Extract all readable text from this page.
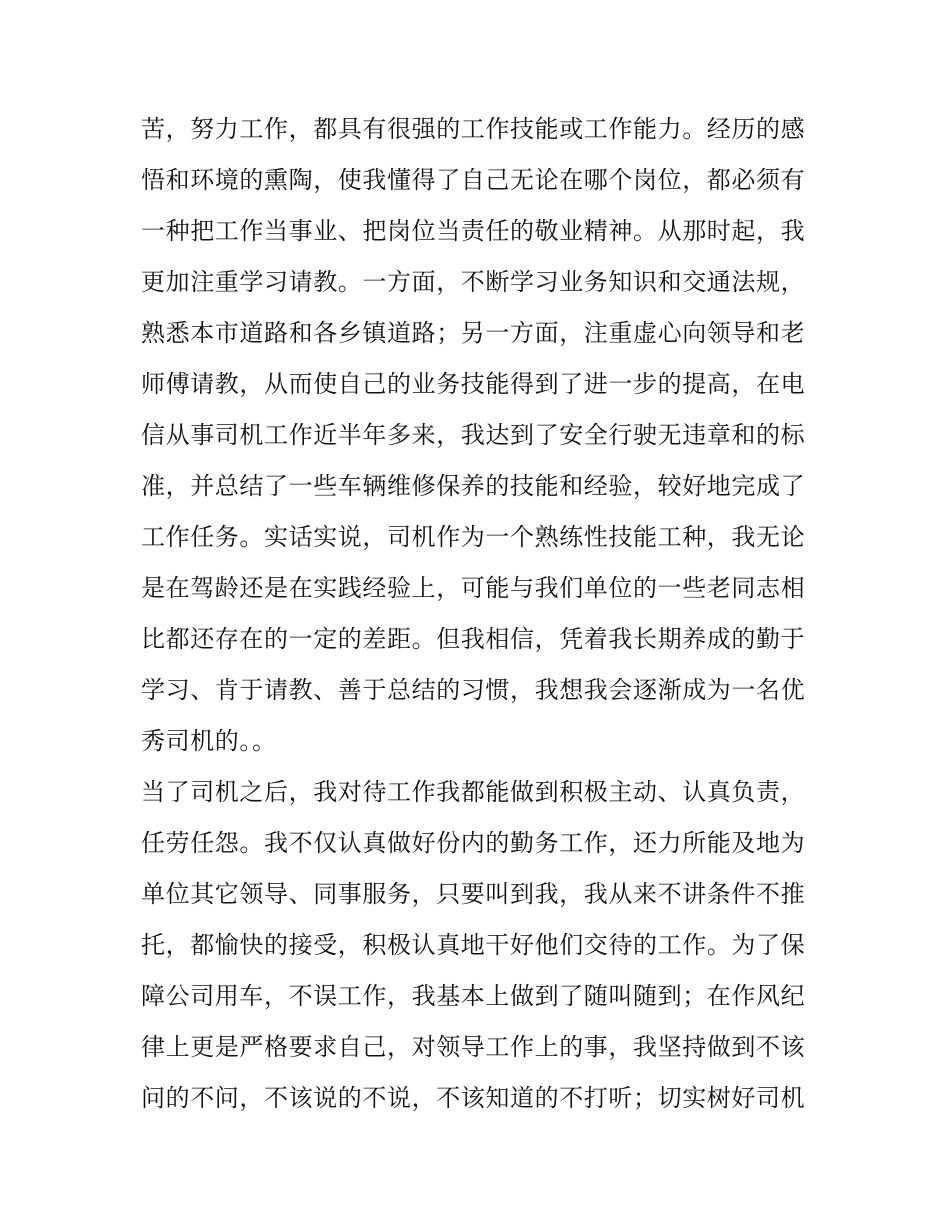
苦，努力工作，都具有很强的工作技能或工作能力。经历的感
悟和环境的熏陶，使我懂得了自己无论在哪个岗位，都必须有
一种把工作当事业、把岗位当责任的敬业精神。从那时起，我
更加注重学习请教。一方面，不断学习业务知识和交通法规，
熟悉本市道路和各乡镇道路；另一方面，注重虚心向领导和老
师傅请教，从而使自己的业务技能得到了进一步的提高，在电
信从事司机工作近半年多来，我达到了安全行驶无违章和的标
准，并总结了一些车辆维修保养的技能和经验，较好地完成了
工作任务。实话实说，司机作为一个熟练性技能工种，我无论
是在驾龄还是在实践经验上，可能与我们单位的一些老同志相
比都还存在的一定的差距。但我相信，凭着我长期养成的勤于
学习、肯于请教、善于总结的习惯，我想我会逐渐成为一名优
秀司机的。。
当了司机之后，我对待工作我都能做到积极主动、认真负责，
任劳任怨。我不仅认真做好份内的勤务工作，还力所能及地为
单位其它领导、同事服务，只要叫到我，我从来不讲条件不推
托，都愉快的接受，积极认真地干好他们交待的工作。为了保
障公司用车，不误工作，我基本上做到了随叫随到；在作风纪
律上更是严格要求自己，对领导工作上的事，我坚持做到不该
问的不问，不该说的不说，不该知道的不打听；切实树好司机
